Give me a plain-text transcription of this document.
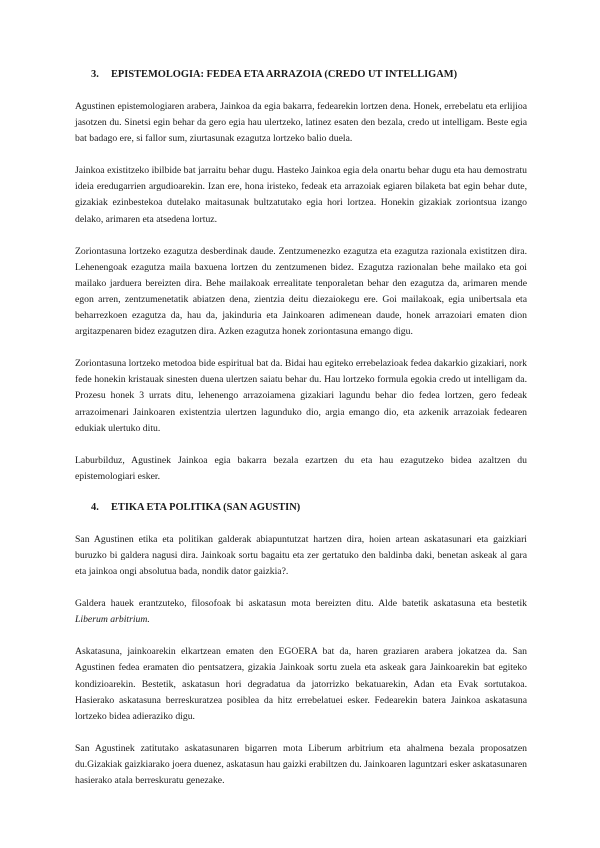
3. EPISTEMOLOGIA: FEDEA ETA ARRAZOIA (CREDO UT INTELLIGAM)

Agustinen epistemologiaren arabera, Jainkoa da egia bakarra, fedearekin lortzen dena. Honek, errebelatu eta erlijioa jasotzen du. Sinetsi egin behar da gero egia hau ulertzeko, latinez esaten den bezala, credo ut intelligam. Beste egia bat badago ere, si fallor sum, ziurtasunak ezagutza lortzeko balio duela.

Jainkoa existitzeko ibilbide bat jarraitu behar dugu. Hasteko Jainkoa egia dela onartu behar dugu eta hau demostratu ideia eredugarrien argudioarekin. Izan ere, hona iristeko, fedeak eta arrazoiak egiaren bilaketa bat egin behar dute, gizakiak ezinbestekoa dutelako maitasunak bultzatutako egia hori lortzea. Honekin gizakiak zoriontsua izango delako, arimaren eta atsedena lortuz.

Zoriontasuna lortzeko ezagutza desberdinak daude. Zentzumenezko ezagutza eta ezagutza razionala existitzen dira. Lehenengoak ezagutza maila baxuena lortzen du zentzumenen bidez. Ezagutza razionalan behe mailako eta goi mailako jarduera bereizten dira. Behe mailakoak errealitate tenporaletan behar den ezagutza da, arimaren mende egon arren, zentzumenetatik abiatzen dena, zientzia deitu diezaiokegu ere. Goi mailakoak, egia unibertsala eta beharrezkoen ezagutza da, hau da, jakinduria eta Jainkoaren adimenean daude, honek arrazoiari ematen dion argitazpenaren bidez ezagutzen dira. Azken ezagutza honek zoriontasuna emango digu.

Zoriontasuna lortzeko metodoa bide espiritual bat da. Bidai hau egiteko errebelazioak fedea dakarkio gizakiari, nork fede honekin kristauak sinesten duena ulertzen saiatu behar du. Hau lortzeko formula egokia credo ut intelligam da. Prozesu honek 3 urrats ditu, lehenengo arrazoiamena gizakiari lagundu behar dio fedea lortzen, gero fedeak arrazoimenari Jainkoaren existentzia ulertzen lagunduko dio, argia emango dio, eta azkenik arrazoiak fedearen edukiak ulertuko ditu.

Laburbilduz, Agustinek Jainkoa egia bakarra bezala ezartzen du eta hau ezagutzeko bidea azaltzen du epistemologiari esker.

4. ETIKA ETA POLITIKA (SAN AGUSTIN)

San Agustinen etika eta politikan galderak abiapuntutzat hartzen dira, hoien artean askatasunari eta gaizkiari buruzko bi galdera nagusi dira. Jainkoak sortu bagaitu eta zer gertatuko den baldinba daki, benetan askeak al gara eta jainkoa ongi absolutua bada, nondik dator gaizkia?.

Galdera hauek erantzuteko, filosofoak bi askatasun mota bereizten ditu. Alde batetik askatasuna eta bestetik Liberum arbitrium.

Askatasuna, jainkoarekin elkartzean ematen den EGOERA bat da, haren graziaren arabera jokatzea da. San Agustinen fedea eramaten dio pentsatzera, gizakia Jainkoak sortu zuela eta askeak gara Jainkoarekin bat egiteko kondizioarekin. Bestetik, askatasun hori degradatua da jatorrizko bekatuarekin, Adan eta Evak sortutakoa. Hasierako askatasuna berreskuratzea posiblea da hitz errebelatuei esker. Fedearekin batera Jainkoa askatasuna lortzeko bidea adieraziko digu.

San Agustinek zatitutako askatasunaren bigarren mota Liberum arbitrium eta ahalmena bezala proposatzen du.Gizakiak gaizkiarako joera duenez, askatasun hau gaizki erabiltzen du. Jainkoaren laguntzari esker askatasunaren hasierako atala berreskuratu genezake.
